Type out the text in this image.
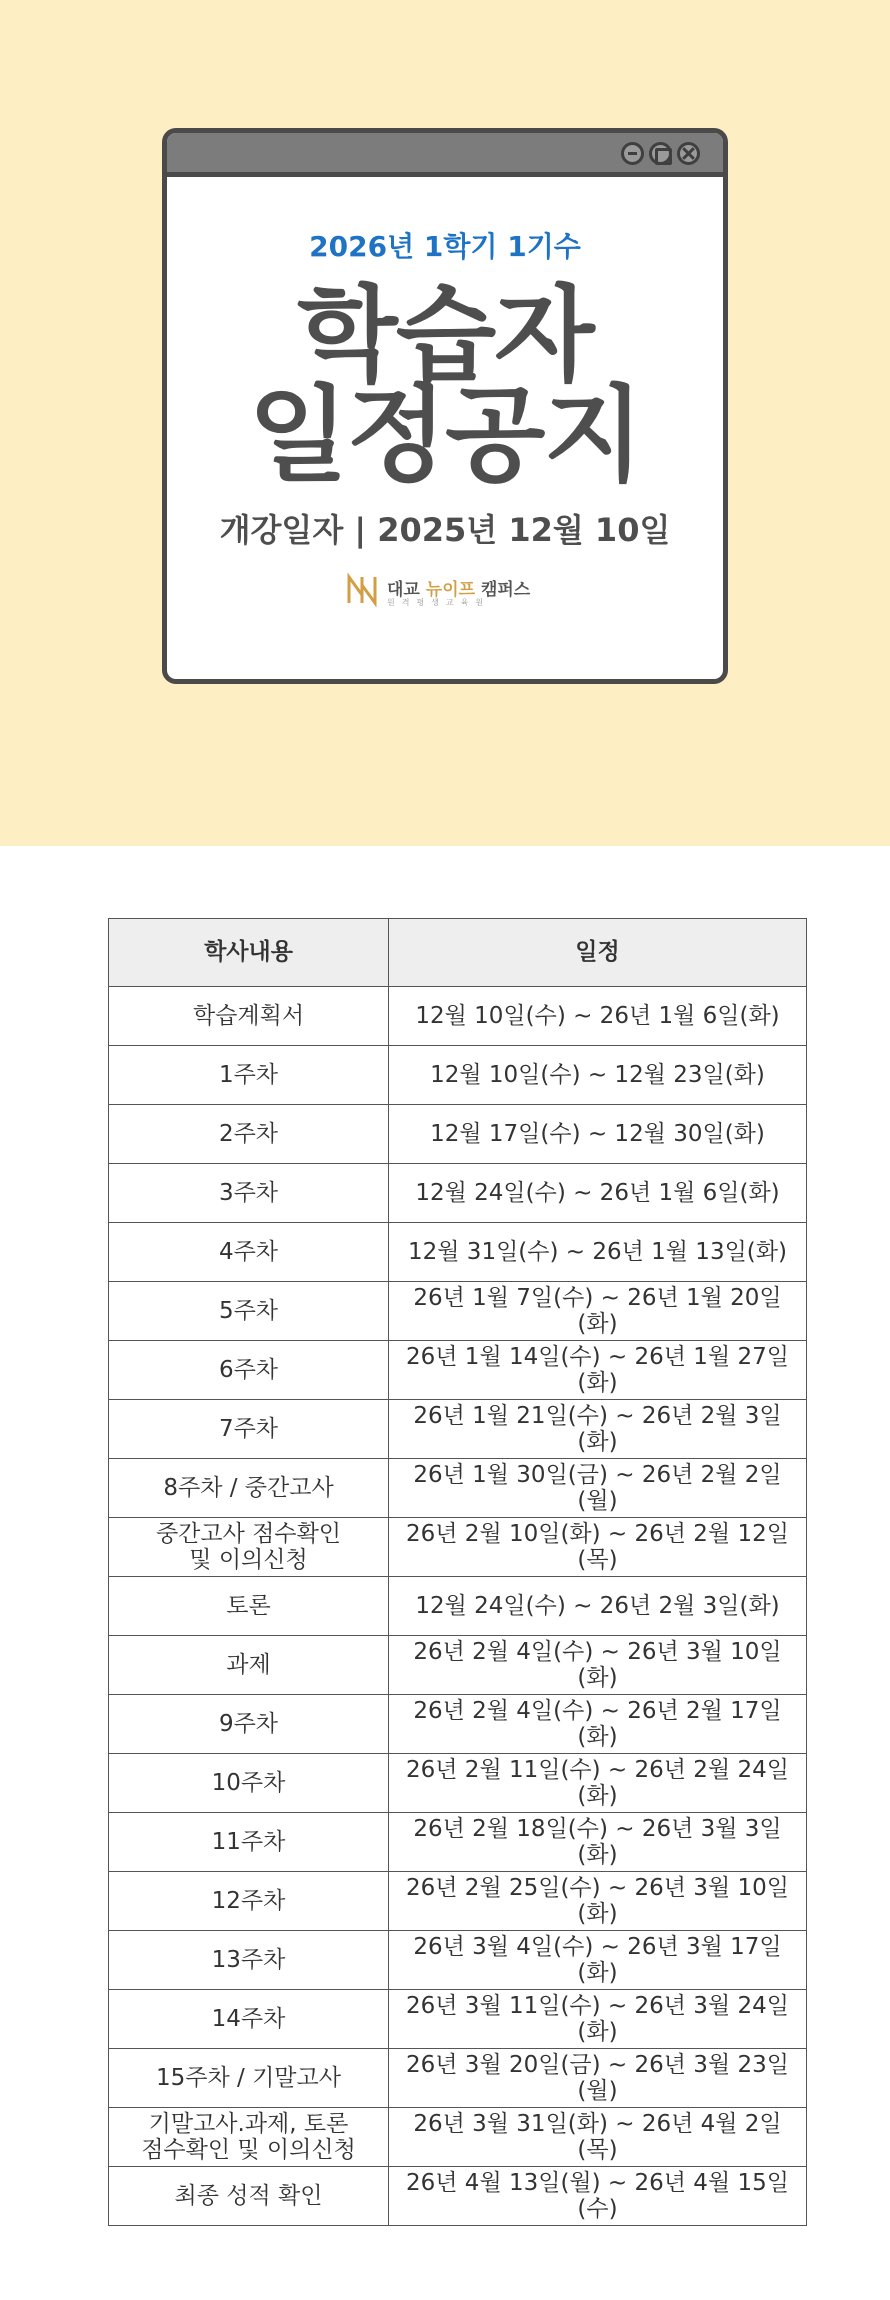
2026년 1학기 1기수
학습자
일정공지
개강일자 | 2025년 12월 10일
대교 뉴이프 캠퍼스
원격평생교육원
학사내용	일정
학습계획서	12월 10일(수) ~ 26년 1월 6일(화)
1주차	12월 10일(수) ~ 12월 23일(화)
2주차	12월 17일(수) ~ 12월 30일(화)
3주차	12월 24일(수) ~ 26년 1월 6일(화)
4주차	12월 31일(수) ~ 26년 1월 13일(화)
5주차	26년 1월 7일(수) ~ 26년 1월 20일(화)
6주차	26년 1월 14일(수) ~ 26년 1월 27일(화)
7주차	26년 1월 21일(수) ~ 26년 2월 3일(화)
8주차 / 중간고사	26년 1월 30일(금) ~ 26년 2월 2일(월)
중간고사 점수확인
및 이의신청	26년 2월 10일(화) ~ 26년 2월 12일(목)
토론	12월 24일(수) ~ 26년 2월 3일(화)
과제	26년 2월 4일(수) ~ 26년 3월 10일(화)
9주차	26년 2월 4일(수) ~ 26년 2월 17일(화)
10주차	26년 2월 11일(수) ~ 26년 2월 24일(화)
11주차	26년 2월 18일(수) ~ 26년 3월 3일(화)
12주차	26년 2월 25일(수) ~ 26년 3월 10일(화)
13주차	26년 3월 4일(수) ~ 26년 3월 17일(화)
14주차	26년 3월 11일(수) ~ 26년 3월 24일(화)
15주차 / 기말고사	26년 3월 20일(금) ~ 26년 3월 23일(월)
기말고사.과제, 토론
점수확인 및 이의신청	26년 3월 31일(화) ~ 26년 4월 2일(목)
최종 성적 확인	26년 4월 13일(월) ~ 26년 4월 15일(수)
